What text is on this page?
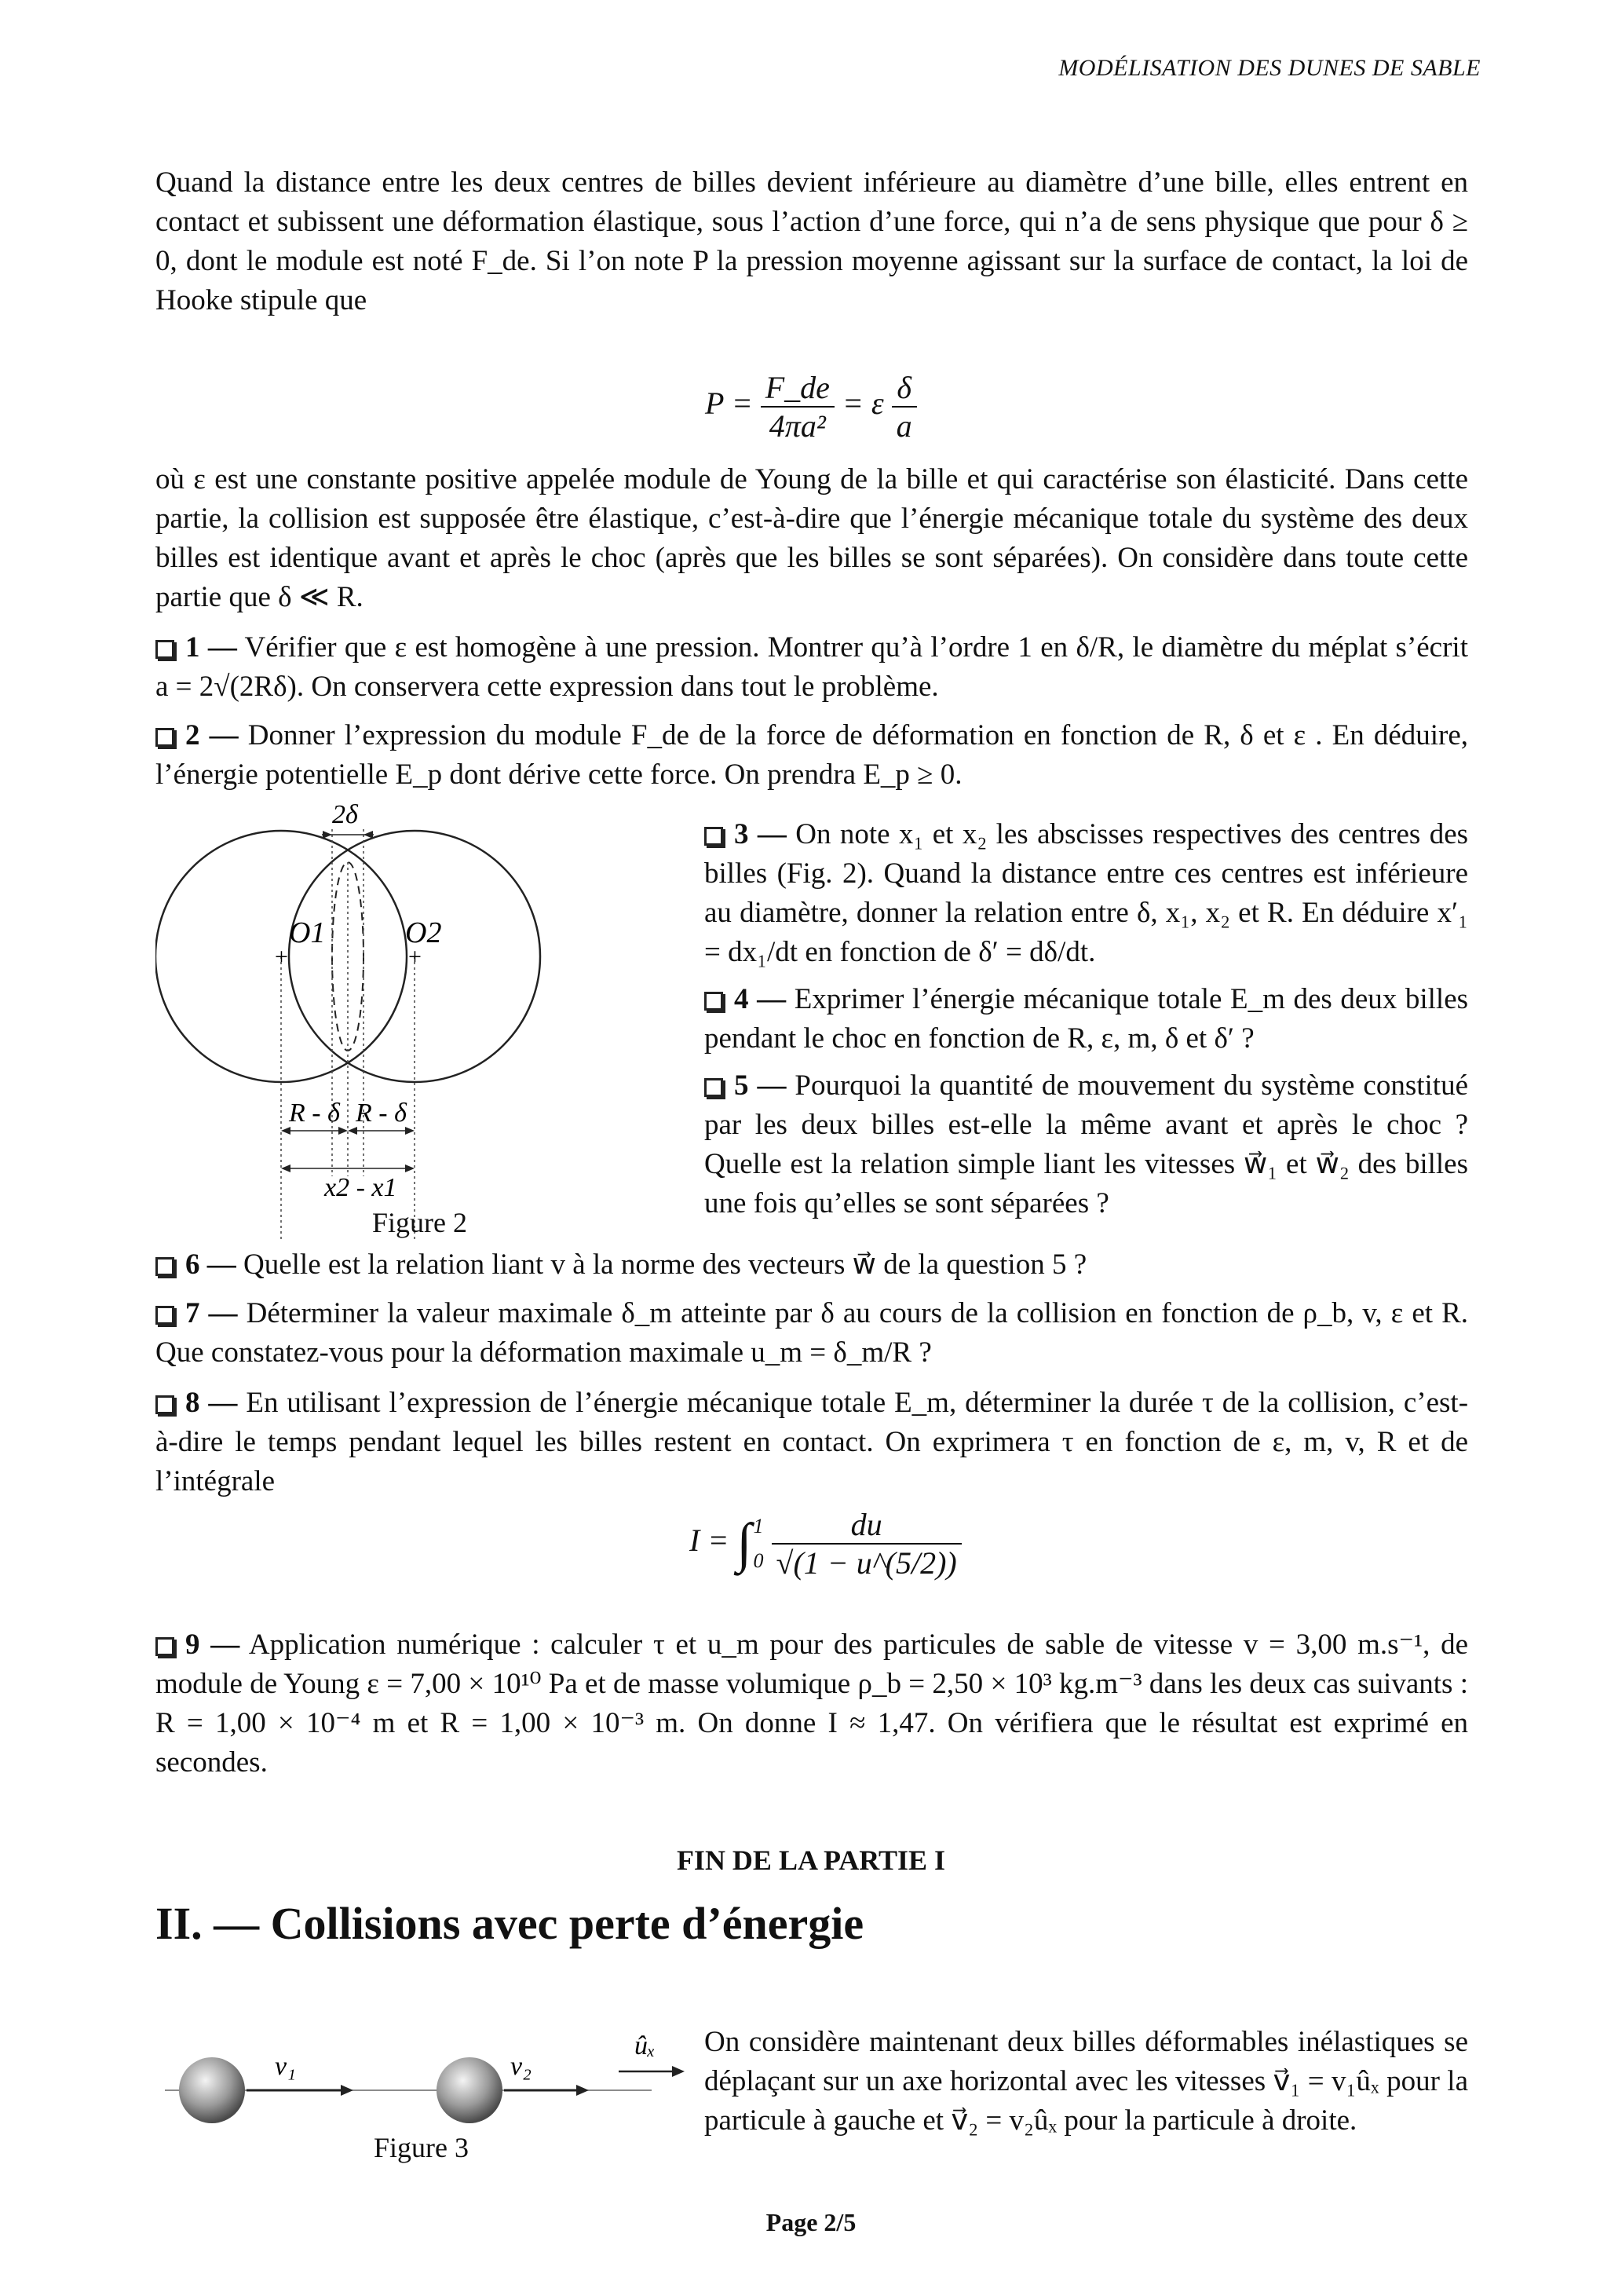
MODÉLISATION DES DUNES DE SABLE
Quand la distance entre les deux centres de billes devient inférieure au diamètre d’une bille, elles entrent en contact et subissent une déformation élastique, sous l’action d’une force, qui n’a de sens physique que pour δ ≥ 0, dont le module est noté F_de. Si l’on note P la pression moyenne agissant sur la surface de contact, la loi de Hooke stipule que
$P = \frac{F\_de}{\text{4πa²}} = \varepsilon \frac{\delta}{a}$
où ε est une constante positive appelée module de Young de la bille et qui caractérise son élasticité. Dans cette partie, la collision est supposée être élastique, c’est-à-dire que l’énergie mécanique totale du système des deux billes est identique avant et après le choc (après que les billes se sont séparées). On considère dans toute cette partie que δ ≪ R.
1 — Vérifier que ε est homogène à une pression. Montrer qu’à l’ordre 1 en δ/R, le diamètre du méplat s’écrit a = 2√(2Rδ). On conservera cette expression dans tout le problème.
2 — Donner l’expression du module F_de de la force de déformation en fonction de R, δ et ε . En déduire, l’énergie potentielle E_p dont dérive cette force. On prendra E_p ≥ 0.
2δ
+	+
O1	O2
R - δ R - δ
x2 - x1
Figure 2

3 — On note x₁ et x₂ les abscisses respectives des centres des billes (Fig. 2). Quand la distance entre ces centres est inférieure au diamètre, donner la relation entre δ, x₁, x₂ et R. En déduire x′₁ = dx₁/dt en fonction de δ′ = dδ/dt.

4 — Exprimer l’énergie mécanique totale E_m des deux billes pendant le choc en fonction de R, ε, m, δ et δ′ ?

5 — Pourquoi la quantité de mouvement du système constitué par les deux billes est-elle la même avant et après le choc ? Quelle est la relation simple liant les vitesses w⃗₁ et w⃗₂ des billes une fois qu’elles se sont séparées ?

6 — Quelle est la relation liant v à la norme des vecteurs w⃗ de la question 5 ?
7 — Déterminer la valeur maximale δ_m atteinte par δ au cours de la collision en fonction de ρ_b, v, ε et R. Que constatez-vous pour la déformation maximale u_m = δ_m/R ?
8 — En utilisant l’expression de l’énergie mécanique totale E_m, déterminer la durée τ de la collision, c’est-à-dire le temps pendant lequel les billes restent en contact. On exprimera τ en fonction de ε, m, v, R et de l’intégrale
I = ∫ 1
0
$\frac{du}{√(1 - u\^{}(5/2))}$
9 — Application numérique : calculer τ et u_m pour des particules de sable de vitesse v = 3,00 m.s⁻¹, de module de Young ε = 7,00 × 10¹⁰ Pa et de masse volumique ρ_b = 2,50 × 10³ kg.m⁻³ dans les deux cas suivants : R = 1,00 × 10⁻⁴ m et R = 1,00 × 10⁻³ m. On donne I ≈ 1,47. On vérifiera que le résultat est exprimé en secondes.
FIN DE LA PARTIE I
II. — Collisions avec perte d’énergie
v₁	v₂
ûₓ
Figure 3
On considère maintenant deux billes déformables inélastiques se déplaçant sur un axe horizontal avec les vitesses v⃗₁ = v₁ûₓ pour la particule à gauche et v⃗₂ = v₂ûₓ pour la particule à droite.
Page 2/5
